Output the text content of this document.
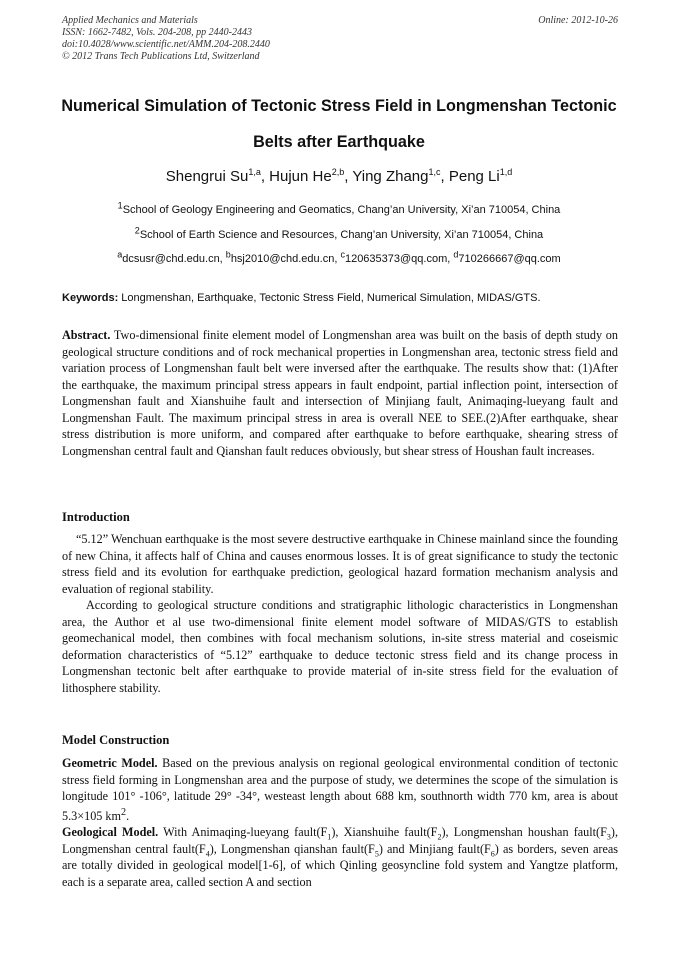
Applied Mechanics and Materials
ISSN: 1662-7482, Vols. 204-208, pp 2440-2443
doi:10.4028/www.scientific.net/AMM.204-208.2440
© 2012 Trans Tech Publications Ltd, Switzerland
Online: 2012-10-26
Numerical Simulation of Tectonic Stress Field in Longmenshan Tectonic Belts after Earthquake
Shengrui Su$^{1,a}$, Hujun He$^{2,b}$, Ying Zhang$^{1,c}$, Peng Li$^{1,d}$
$^1$School of Geology Engineering and Geomatics, Chang’an University, Xi’an 710054, China
$^2$School of Earth Science and Resources, Chang’an University, Xi’an 710054, China
$^a$dcsusr@chd.edu.cn, $^b$hsj2010@chd.edu.cn, $^c$120635373@qq.com, $^d$710266667@qq.com
Keywords: Longmenshan, Earthquake, Tectonic Stress Field, Numerical Simulation, MIDAS/GTS.

Abstract. Two-dimensional finite element model of Longmenshan area was built on the basis of depth study on geological structure conditions and of rock mechanical properties in Longmenshan area, tectonic stress field and variation process of Longmenshan fault belt were inversed after the earthquake. The results show that: (1)After the earthquake, the maximum principal stress appears in fault endpoint, partial inflection point, intersection of Longmenshan fault and Xianshuihe fault and intersection of Minjiang fault, Animaqing-lueyang fault and Longmenshan Fault. The maximum principal stress in area is overall NEE to SEE.(2)After earthquake, shear stress distribution is more uniform, and compared after earthquake to before earthquake, shearing stress of Longmenshan central fault and Qianshan fault reduces obviously, but shear stress of Houshan fault increases.

Introduction

“5.12” Wenchuan earthquake is the most severe destructive earthquake in Chinese mainland since the founding of new China, it affects half of China and causes enormous losses. It is of great significance to study the tectonic stress field and its evolution for earthquake prediction, geological hazard formation mechanism analysis and evaluation of regional stability.

According to geological structure conditions and stratigraphic lithologic characteristics in Longmenshan area, the Author et al use two-dimensional finite element model software of MIDAS/GTS to establish geomechanical model, then combines with focal mechanism solutions, in-site stress material and coseismic deformation characteristics of “5.12” earthquake to deduce tectonic stress field and its change process in Longmenshan tectonic belt after earthquake to provide material of in-site stress field for the evaluation of lithosphere stability.

Model Construction

Geometric Model. Based on the previous analysis on regional geological environmental condition of tectonic stress field forming in Longmenshan area and the purpose of study, we determines the scope of the simulation is longitude 101° -106°, latitude 29° -34°, westeast length about 688 km, southnorth width 770 km, area is about 5.3×105 $km^2$.

Geological Model. With Animaqing-lueyang $fault(F_1)$, Xianshuihe $fault(F_2)$, Longmenshan houshan $fault(F_3)$, Longmenshan central $fault(F_4)$, Longmenshan qianshan $fault(F_5)$ and Minjiang $fault(F_6)$ as borders, seven areas are totally divided in geological model[1-6], of which Qinling geosyncline fold system and Yangtze platform, each is a separate area, called section A and section
